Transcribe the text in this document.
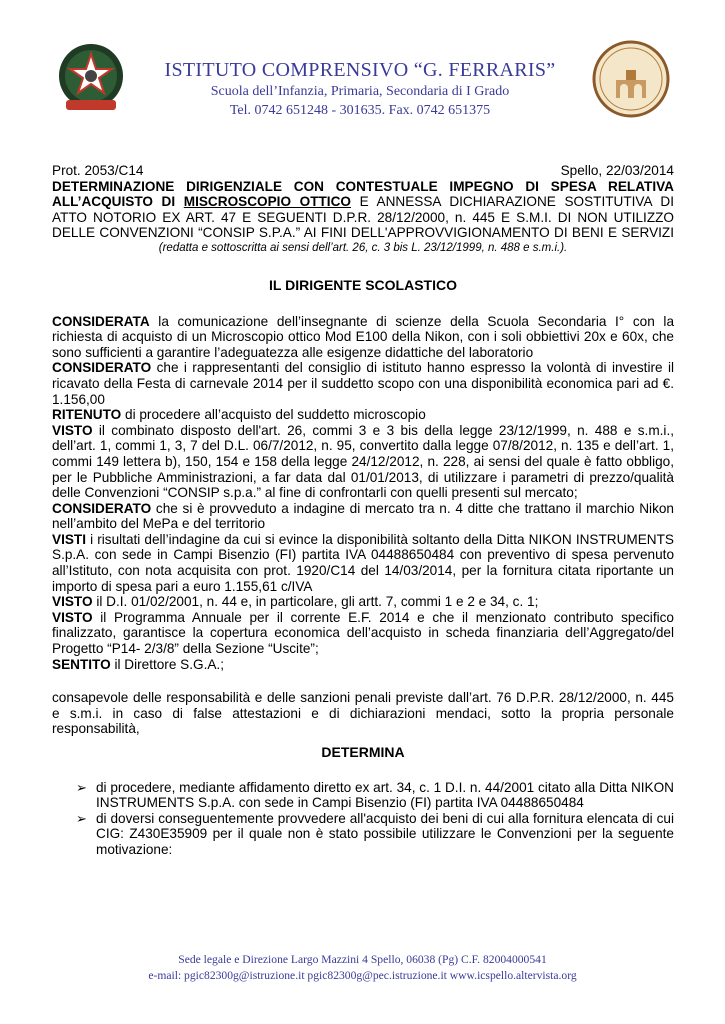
ISTITUTO COMPRENSIVO “G. FERRARIS”
Scuola dell’Infanzia, Primaria, Secondaria di I Grado
Tel. 0742 651248 - 301635. Fax. 0742 651375
Prot. 2053/C14	Spello, 22/03/2014
DETERMINAZIONE DIRIGENZIALE CON CONTESTUALE IMPEGNO DI SPESA RELATIVA
ALL’ACQUISTO DI MISCROSCOPIO OTTICO E ANNESSA DICHIARAZIONE SOSTITUTIVA DI
ATTO NOTORIO EX ART. 47 E SEGUENTI D.P.R. 28/12/2000, n. 445 E S.M.I. DI NON UTILIZZO
DELLE CONVENZIONI “CONSIP S.P.A.” AI FINI DELL'APPROVVIGIONAMENTO DI BENI E SERVIZI
(redatta e sottoscritta ai sensi dell’art. 26, c. 3 bis L. 23/12/1999, n. 488 e s.m.i.).
IL DIRIGENTE SCOLASTICO

CONSIDERATA la comunicazione dell’insegnante di scienze della Scuola Secondaria I° con la richiesta di acquisto di un Microscopio ottico Mod E100 della Nikon, con i soli obbiettivi 20x e 60x, che sono sufficienti a garantire l’adeguatezza alle esigenze didattiche del laboratorio

CONSIDERATO che i rappresentanti del consiglio di istituto hanno espresso la volontà di investire il ricavato della Festa di carnevale 2014 per il suddetto scopo con una disponibilità economica pari ad €. 1.156,00

RITENUTO di procedere all’acquisto del suddetto microscopio

VISTO il combinato disposto dell'art. 26, commi 3 e 3 bis della legge 23/12/1999, n. 488 e s.m.i., dell’art. 1, commi 1, 3, 7 del D.L. 06/7/2012, n. 95, convertito dalla legge 07/8/2012, n. 135 e dell’art. 1, commi 149 lettera b), 150, 154 e 158 della legge 24/12/2012, n. 228, ai sensi del quale è fatto obbligo, per le Pubbliche Amministrazioni, a far data dal 01/01/2013, di utilizzare i parametri di prezzo/qualità delle Convenzioni “CONSIP s.p.a.” al fine di confrontarli con quelli presenti sul mercato;

CONSIDERATO che si è provveduto a indagine di mercato tra n. 4 ditte che trattano il marchio Nikon nell’ambito del MePa e del territorio

VISTI i risultati dell’indagine da cui si evince la disponibilità soltanto della Ditta NIKON INSTRUMENTS S.p.A. con sede in Campi Bisenzio (FI) partita IVA 04488650484 con preventivo di spesa pervenuto all’Istituto, con nota acquisita con prot. 1920/C14 del 14/03/2014, per la fornitura citata riportante un importo di spesa pari a euro 1.155,61 c/IVA

VISTO il D.I. 01/02/2001, n. 44 e, in particolare, gli artt. 7, commi 1 e 2 e 34, c. 1;

VISTO il Programma Annuale per il corrente E.F. 2014 e che il menzionato contributo specifico finalizzato, garantisce la copertura economica dell’acquisto in scheda finanziaria dell’Aggregato/del Progetto “P14- 2/3/8” della Sezione “Uscite”;

SENTITO il Direttore S.G.A.;

consapevole delle responsabilità e delle sanzioni penali previste dall’art. 76 D.P.R. 28/12/2000, n. 445 e s.m.i. in caso di false attestazioni e di dichiarazioni mendaci, sotto la propria personale responsabilità,
DETERMINA
➢ di procedere, mediante affidamento diretto ex art. 34, c. 1 D.I. n. 44/2001 citato alla Ditta NIKON INSTRUMENTS S.p.A. con sede in Campi Bisenzio (FI) partita IVA 04488650484
➢ di doversi conseguentemente provvedere all'acquisto dei beni di cui alla fornitura elencata di cui CIG: Z430E35909 per il quale non è stato possibile utilizzare le Convenzioni per la seguente motivazione:
Sede legale e Direzione Largo Mazzini 4 Spello, 06038 (Pg) C.F. 82004000541
e-mail: pgic82300g@istruzione.it pgic82300g@pec.istruzione.it www.icspello.altervista.org
